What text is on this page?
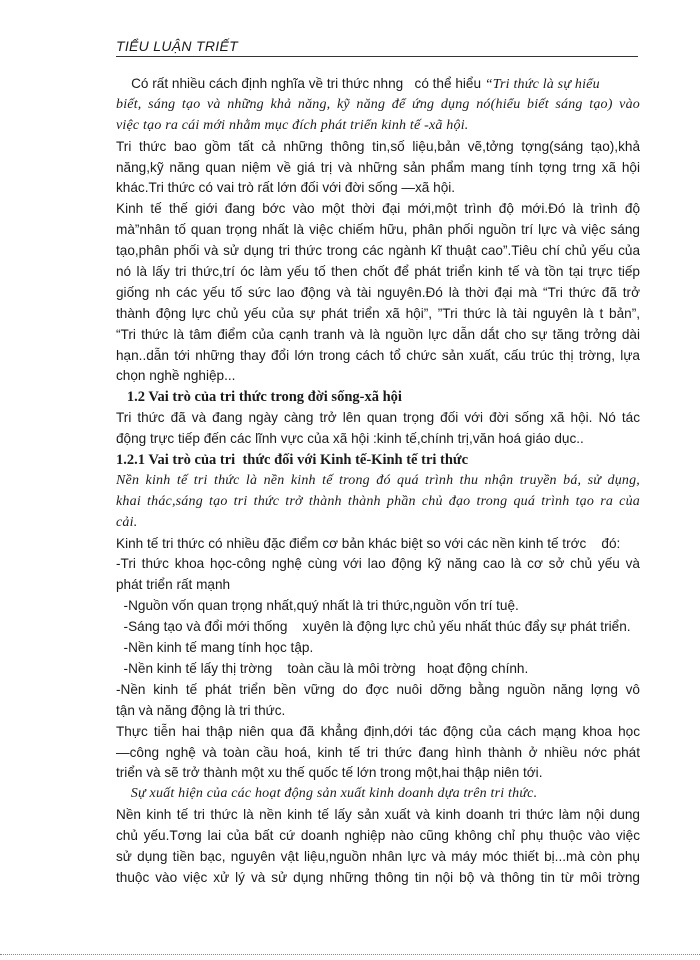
TIỂU LUẬN TRIẾT
Có rất nhiều cách định nghĩa về tri thức nhng   có thể hiểu “Tri thức là sự hiểu
biết, sáng tạo và những khả năng, kỹ năng để ứng dụng nó(hiểu biết sáng tạo) vào
việc tạo ra cái mới nhằm mục đích phát triển kinh tế -xã hội.
Tri thức bao gồm tất cả những thông tin,số liệu,bản vẽ,tởng tợng(sáng tạo),khả
năng,kỹ năng quan niệm về giá trị và những sản phẩm mang tính tợng trng xã hội
khác.Tri thức có vai trò rất lớn đối với đời sống —xã hội.
Kinh tế thế giới đang bớc vào một thời đại mới,một trình độ mới.Đó là trình độ
mà”nhân tố quan trọng nhất là việc chiếm hữu, phân phối nguồn trí lực và việc sáng
tạo,phân phối và sử dụng tri thức trong các ngành kĩ thuật cao”.Tiêu chí chủ yếu của
nó là lấy tri thức,trí óc làm yếu tố then chốt để phát triển kinh tế và tồn tại trực tiếp
giống nh các yếu tố sức lao động và tài nguyên.Đó là thời đại mà “Tri thức đã trở
thành động lực chủ yếu của sự phát triển xã hội”, ”Tri thức là tài nguyên là t bản”,
“Tri thức là tâm điểm của cạnh tranh và là nguồn lực dẫn dắt cho sự tăng trởng dài
hạn..dẫn tới những thay đổi lớn trong cách tổ chức sản xuất, cấu trúc thị trờng, lựa
chọn nghề nghiệp...
1.2 Vai trò của tri thức trong đời sống-xã hội
Tri thức đã và đang ngày càng trở lên quan trọng đối với đời sống xã hội. Nó tác
động trực tiếp đến các lĩnh vực của xã hội :kinh tế,chính trị,văn hoá giáo dục..
1.2.1 Vai trò của tri  thức đối với Kinh tế-Kinh tế tri thức
Nền kinh tế tri thức là nền kinh tế trong đó quá trình thu nhận truyền bá, sử dụng,
khai thác,sáng tạo tri thức trở thành thành phần chủ đạo trong quá trình tạo ra của
cải.
Kinh tế tri thức có nhiều đặc điểm cơ bản khác biệt so với các nền kinh tế trớc    đó:
-Tri thức khoa học-công nghệ cùng với lao động kỹ năng cao là cơ sở chủ yếu và
phát triển rất mạnh
-Nguồn vốn quan trọng nhất,quý nhất là tri thức,nguồn vốn trí tuệ.
-Sáng tạo và đổi mới thống    xuyên là động lực chủ yếu nhất thúc đẩy sự phát triển.
-Nền kinh tế mang tính học tập.
-Nền kinh tế lấy thị trờng    toàn cầu là môi trờng   hoạt động chính.
-Nền kinh tế phát triển bền vững do đợc nuôi dỡng bằng nguồn năng lợng vô
tận và năng động là tri thức.
Thực tiễn hai thập niên qua đã khẳng định,dới tác động của cách mạng khoa học
—công nghệ và toàn cầu hoá, kinh tế tri thức đang hình thành ở nhiều nớc phát
triển và sẽ trở thành một xu thế quốc tế lớn trong một,hai thập niên tới.
Sự xuất hiện của các hoạt động sản xuất kinh doanh dựa trên tri thức.
Nền kinh tế tri thức là nền kinh tế lấy sản xuất và kinh doanh tri thức làm nội dung
chủ yếu.Tơng lai của bất cứ doanh nghiệp nào cũng không chỉ phụ thuộc vào việc
sử dụng tiền bạc, nguyên vật liệu,nguồn nhân lực và máy móc thiết bị...mà còn phụ
thuộc vào việc xử lý và sử dụng những thông tin nội bộ và thông tin từ môi trờng
